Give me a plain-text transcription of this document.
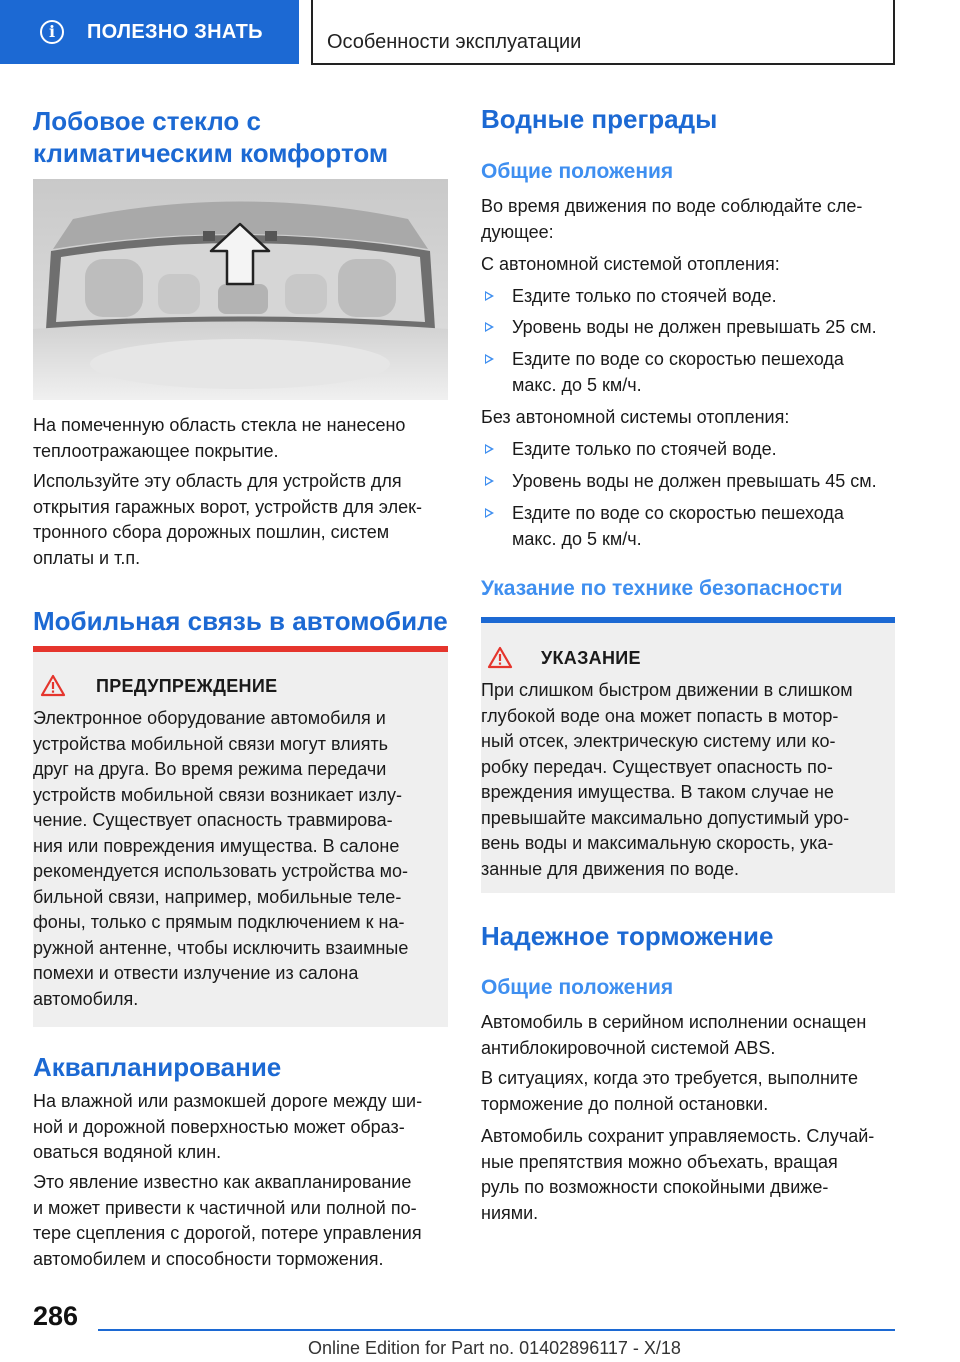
i	ПОЛЕЗНО ЗНАТЬ	Особенности эксплуатации
Лобовое стекло с
климатическим комфортом
На помеченную область стекла не нанесено
теплоотражающее покрытие.
Используйте эту область для устройств для
открытия гаражных ворот, устройств для элек-
тронного сбора дорожных пошлин, систем
оплаты и т.п.
Мобильная связь в автомобиле
ПРЕДУПРЕЖДЕНИЕ
Электронное оборудование автомобиля и
устройства мобильной связи могут влиять
друг на друга. Во время режима передачи
устройств мобильной связи возникает излу-
чение. Существует опасность травмирова-
ния или повреждения имущества. В салоне
рекомендуется использовать устройства мо-
бильной связи, например, мобильные теле-
фоны, только с прямым подключением к на-
ружной антенне, чтобы исключить взаимные
помехи и отвести излучение из салона
автомобиля.
Аквапланирование
На влажной или размокшей дороге между ши-
ной и дорожной поверхностью может образ-
оваться водяной клин.
Это явление известно как аквапланирование
и может привести к частичной или полной по-
тере сцепления с дорогой, потере управления
автомобилем и способности торможения.
Водные преграды
Общие положения
Во время движения по воде соблюдайте сле-
дующее:
С автономной системой отопления:
Ездите только по стоячей воде.
Уровень воды не должен превышать 25 см.
Ездите по воде со скоростью пешехода
макс. до 5 км/ч.
Без автономной системы отопления:
Ездите только по стоячей воде.
Уровень воды не должен превышать 45 см.
Ездите по воде со скоростью пешехода
макс. до 5 км/ч.
Указание по технике безопасности
УКАЗАНИЕ
При слишком быстром движении в слишком
глубокой воде она может попасть в мотор-
ный отсек, электрическую систему или ко-
робку передач. Существует опасность по-
вреждения имущества. В таком случае не
превышайте максимально допустимый уро-
вень воды и максимальную скорость, ука-
занные для движения по воде.
Надежное торможение
Общие положения
Автомобиль в серийном исполнении оснащен
антиблокировочной системой ABS.
В ситуациях, когда это требуется, выполните
торможение до полной остановки.
Автомобиль сохранит управляемость. Случай-
ные препятствия можно объехать, вращая
руль по возможности спокойными движе-
ниями.
286
Online Edition for Part no. 01402896117 - X/18
